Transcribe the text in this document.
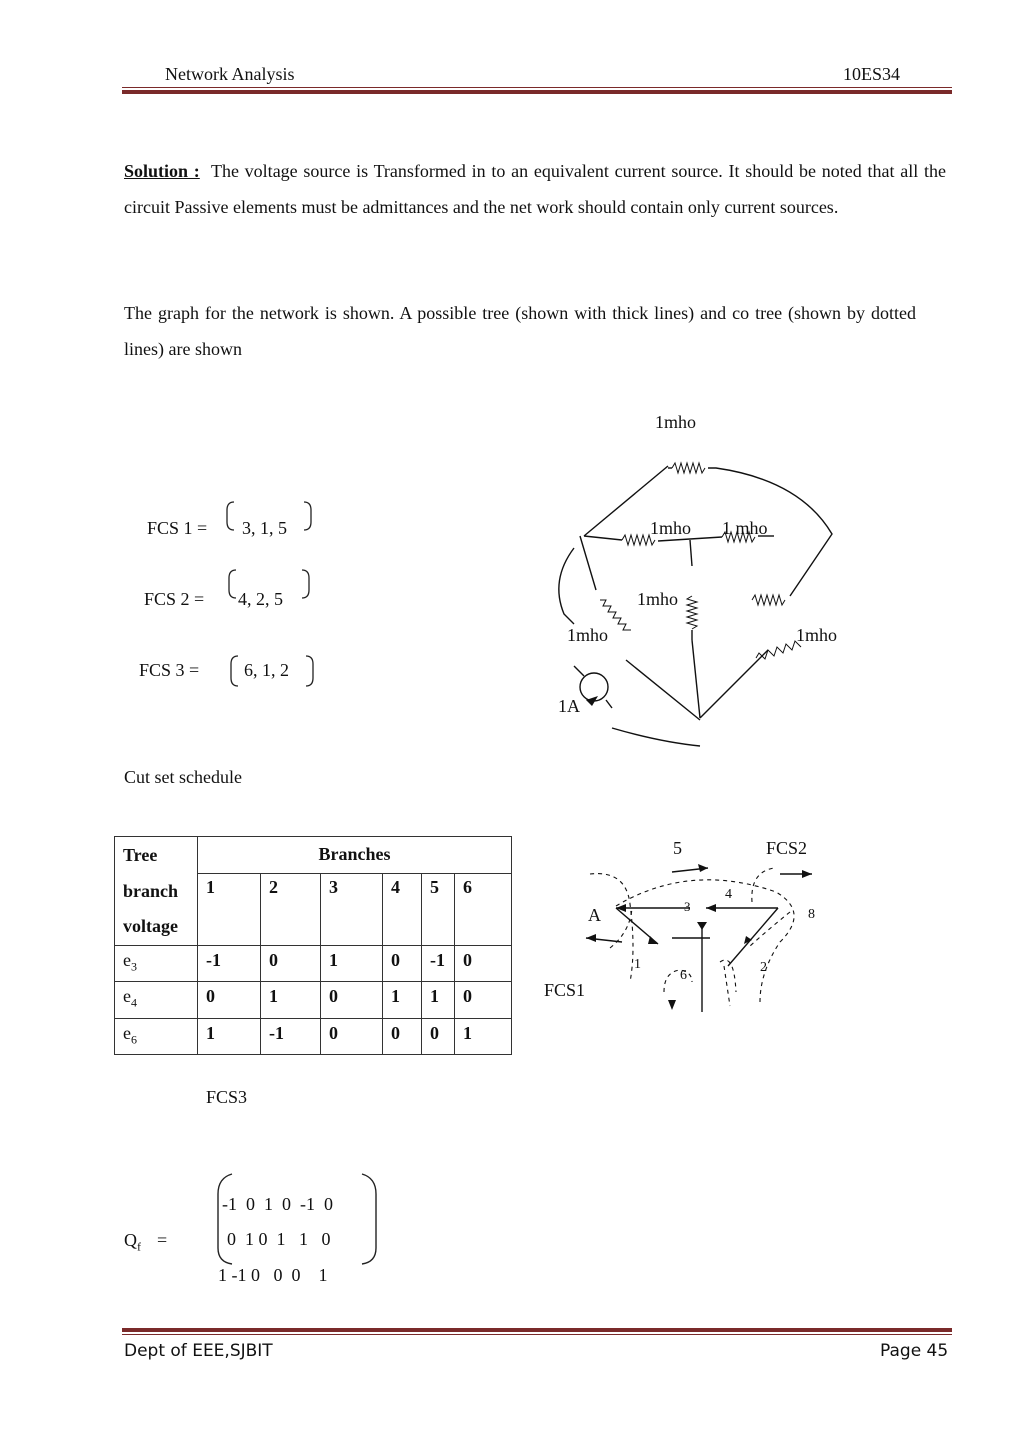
Network Analysis	10ES34
Solution : The voltage source is Transformed in to an equivalent current source. It should be noted that all the circuit Passive elements must be admittances and the net work should contain only current sources.
The graph for the network is shown. A possible tree (shown with thick lines) and co tree (shown by dotted lines) are shown
FCS 1 = 3, 1, 5
FCS 2 = 4, 2, 5
FCS 3 = 6, 1, 2
1mho
1mho 1 mho
1mho
1mho	1mho
1A
Cut set schedule
Tree
branch
voltage	Branches					
	1	2	3	4	5	6
$e_3$	-1	0	1	0	-1	0
$e_4$	0	1	0	1	1	0
$e_6$	1	-1	0	0	0	1
5	FCS2
A	3
4
8
1
6
2
FCS1
FCS3
$Q_f$ =
-1  0  1  0  -1  0
0  1 0  1   1   0
1 -1 0   0  0    1
Dept of EEE,SJBIT	Page 45
